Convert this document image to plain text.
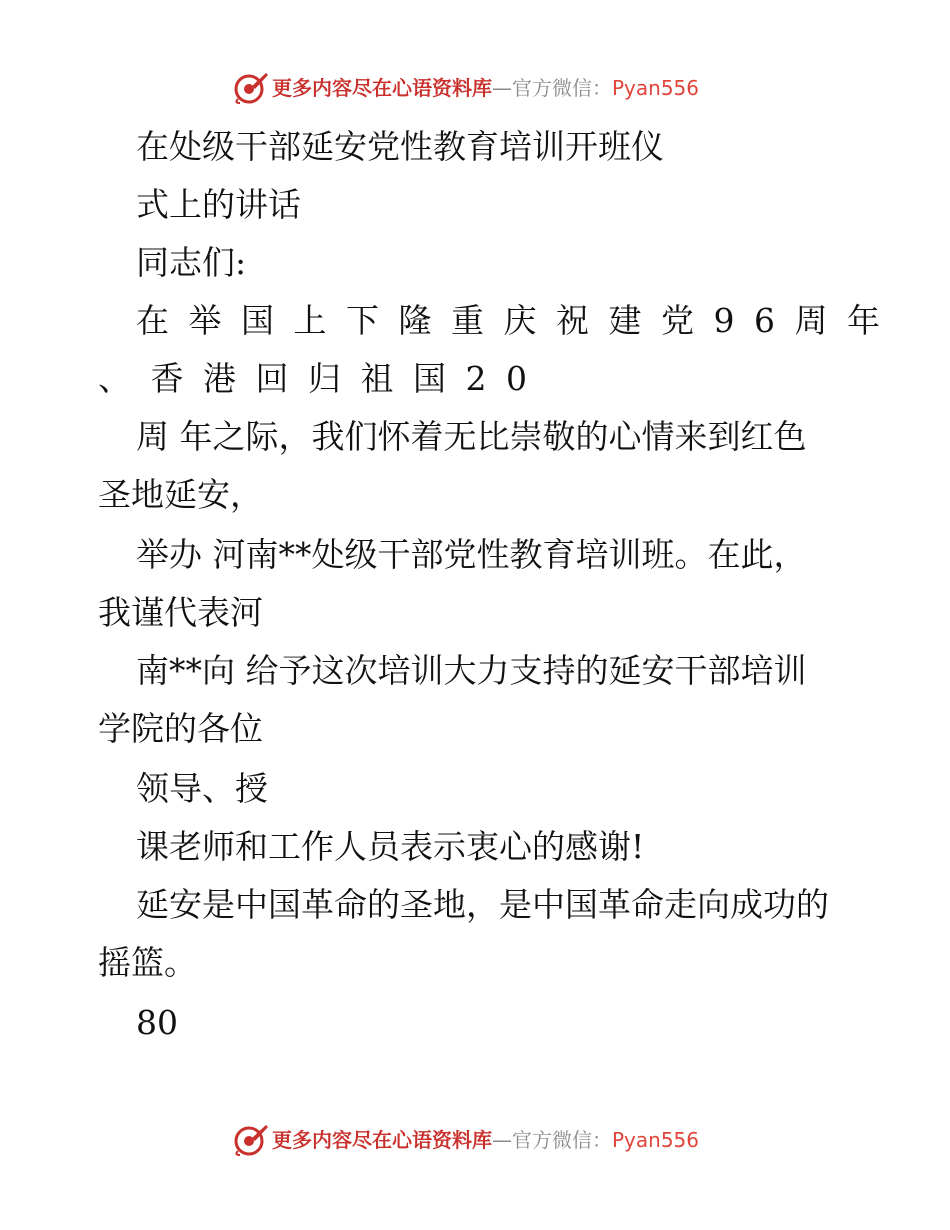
更多内容尽在心语资料库—官方微信：Pyan556
在处级干部延安党性教育培训开班仪
式上的讲话
同志们:
在举国上下隆重庆祝建党96周年
、香港回归祖国20
周 年之际，我们怀着无比崇敬的心情来到红色
圣地延安，
举办 河南**处级干部党性教育培训班。在此，
我谨代表河
南**向 给予这次培训大力支持的延安干部培训
学院的各位
领导、授
课老师和工作人员表示衷心的感谢!
延安是中国革命的圣地，是中国革命走向成功的
摇篮。
80
更多内容尽在心语资料库—官方微信：Pyan556
